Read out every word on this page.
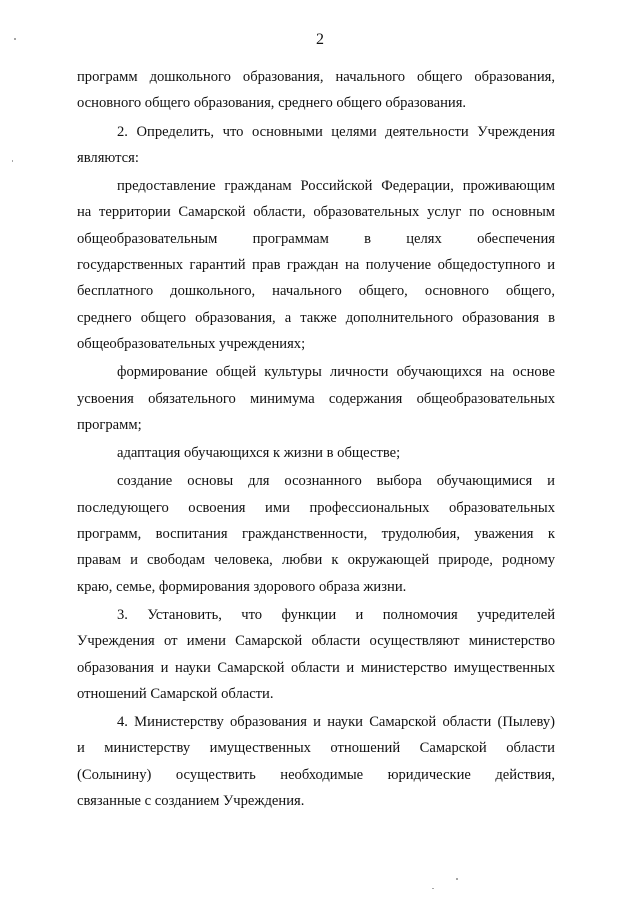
2
программ дошкольного образования, начального общего образования,
основного общего образования, среднего общего образования.
2. Определить, что основными целями деятельности Учреждения
являются:
предоставление гражданам Российской Федерации, проживающим
на территории Самарской области, образовательных услуг по основным
общеобразовательным программам в целях обеспечения
государственных гарантий прав граждан на получение общедоступного и
бесплатного дошкольного, начального общего, основного общего,
среднего общего образования, а также дополнительного образования в
общеобразовательных учреждениях;
формирование общей культуры личности обучающихся на основе
усвоения обязательного минимума содержания общеобразовательных
программ;
адаптация обучающихся к жизни в обществе;
создание основы для осознанного выбора обучающимися и
последующего освоения ими профессиональных образовательных
программ, воспитания гражданственности, трудолюбия, уважения к
правам и свободам человека, любви к окружающей природе, родному
краю, семье, формирования здорового образа жизни.
3. Установить, что функции и полномочия учредителей
Учреждения от имени Самарской области осуществляют министерство
образования и науки Самарской области и министерство имущественных
отношений Самарской области.
4. Министерству образования и науки Самарской области (Пылеву)
и министерству имущественных отношений Самарской области
(Солынину) осуществить необходимые юридические действия,
связанные с созданием Учреждения.
